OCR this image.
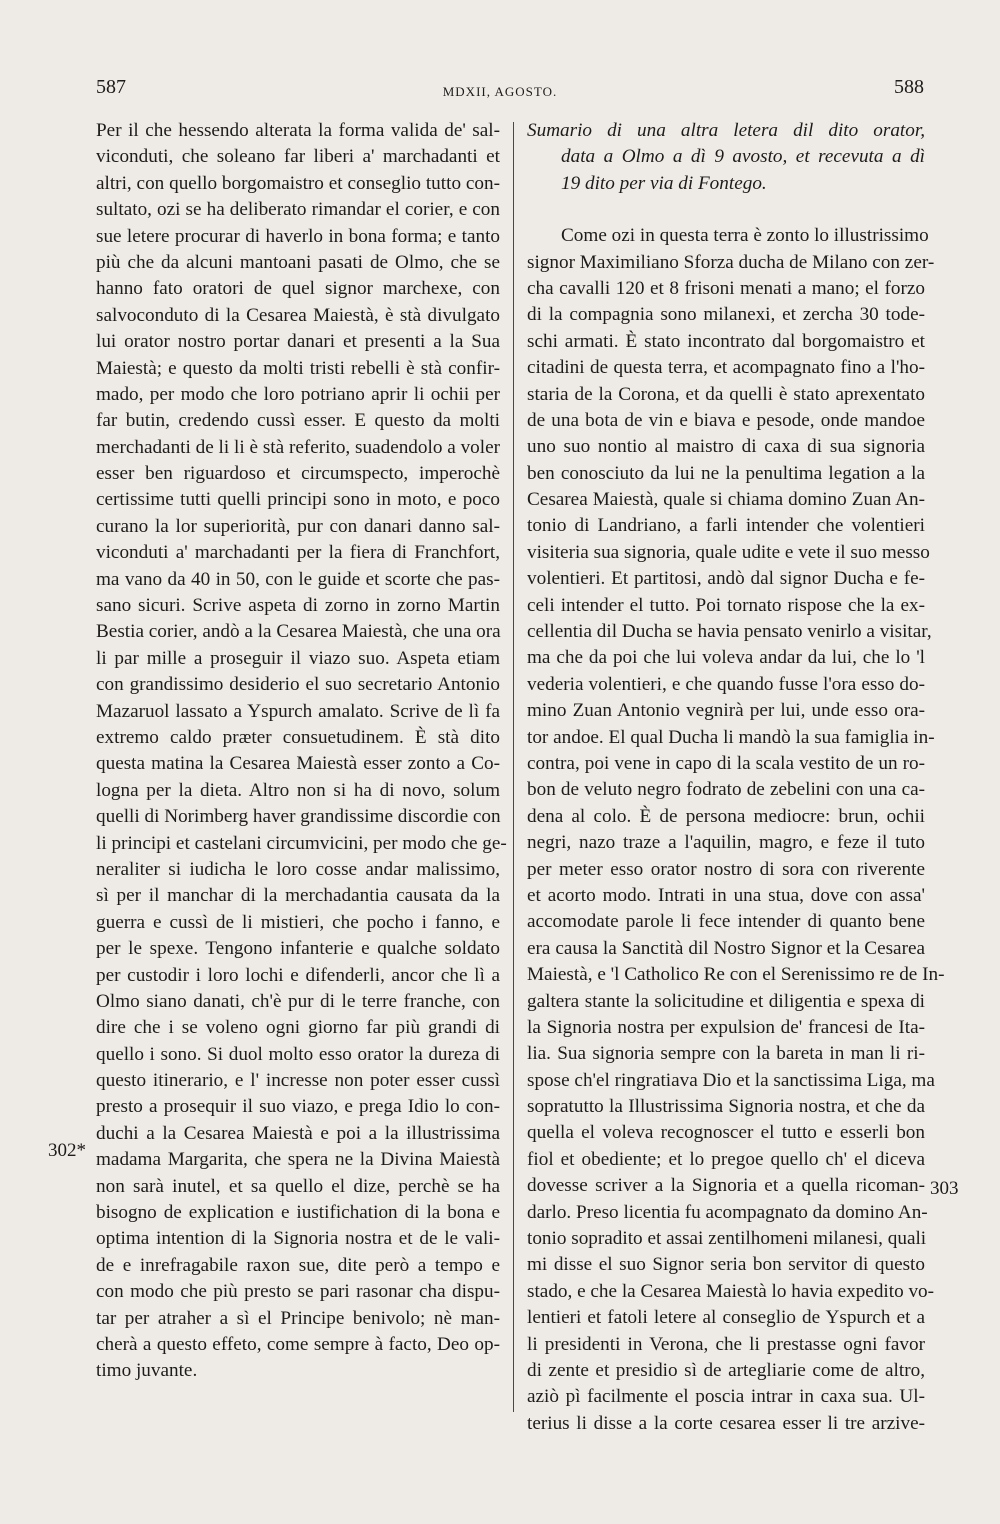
587	MDXII, AGOSTO.	588
Per il che hessendo alterata la forma valida de' sal-
viconduti, che soleano far liberi a' marchadanti et
altri, con quello borgomaistro et conseglio tutto con-
sultato, ozi se ha deliberato rimandar el corier, e con
sue letere procurar di haverlo in bona forma; e tanto
più che da alcuni mantoani pasati de Olmo, che se
hanno fato oratori de quel signor marchexe, con
salvoconduto di la Cesarea Maiestà, è stà divulgato
lui orator nostro portar danari et presenti a la Sua
Maiestà; e questo da molti tristi rebelli è stà confir-
mado, per modo che loro potriano aprir li ochii per
far butin, credendo cussì esser. E questo da molti
merchadanti de li li è stà referito, suadendolo a voler
esser ben riguardoso et circumspecto, imperochè
certissime tutti quelli principi sono in moto, e poco
curano la lor superiorità, pur con danari danno sal-
viconduti a' marchadanti per la fiera di Franchfort,
ma vano da 40 in 50, con le guide et scorte che pas-
sano sicuri. Scrive aspeta di zorno in zorno Martin
Bestia corier, andò a la Cesarea Maiestà, che una ora
li par mille a proseguir il viazo suo. Aspeta etiam
con grandissimo desiderio el suo secretario Antonio
Mazaruol lassato a Yspurch amalato. Scrive de lì fa
extremo caldo præter consuetudinem. È stà dito
questa matina la Cesarea Maiestà esser zonto a Co-
logna per la dieta. Altro non si ha di novo, solum
quelli di Norimberg haver grandissime discordie con
li principi et castelani circumvicini, per modo che ge-
neraliter si iudicha le loro cosse andar malissimo,
sì per il manchar di la merchadantia causata da la
guerra e cussì de li mistieri, che pocho i fanno, e
per le spexe. Tengono infanterie e qualche soldato
per custodir i loro lochi e difenderli, ancor che lì a
Olmo siano danati, ch'è pur di le terre franche, con
dire che i se voleno ogni giorno far più grandi di
quello i sono. Si duol molto esso orator la dureza di
questo itinerario, e l' incresse non poter esser cussì
presto a prosequir il suo viazo, e prega Idio lo con-
duchi a la Cesarea Maiestà e poi a la illustrissima
madama Margarita, che spera ne la Divina Maiestà
non sarà inutel, et sa quello el dize, perchè se ha
bisogno de explication e iustifichation di la bona e
optima intention di la Signoria nostra et de le vali-
de e inrefragabile raxon sue, dite però a tempo e
con modo che più presto se pari rasonar cha dispu-
tar per atraher a sì el Principe benivolo; nè man-
cherà a questo effeto, come sempre à facto, Deo op-
timo juvante.
Sumario di una altra letera dil dito orator,
data a Olmo a dì 9 avosto, et recevuta a dì
19 dito per via di Fontego.
Come ozi in questa terra è zonto lo illustrissimo
signor Maximiliano Sforza ducha de Milano con zer-
cha cavalli 120 et 8 frisoni menati a mano; el forzo
di la compagnia sono milanexi, et zercha 30 tode-
schi armati. È stato incontrato dal borgomaistro et
citadini de questa terra, et acompagnato fino a l'ho-
staria de la Corona, et da quelli è stato aprexentato
de una bota de vin e biava e pesode, onde mandoe
uno suo nontio al maistro di caxa di sua signoria
ben conosciuto da lui ne la penultima legation a la
Cesarea Maiestà, quale si chiama domino Zuan An-
tonio di Landriano, a farli intender che volentieri
visiteria sua signoria, quale udite e vete il suo messo
volentieri. Et partitosi, andò dal signor Ducha e fe-
celi intender el tutto. Poi tornato rispose che la ex-
cellentia dil Ducha se havia pensato venirlo a visitar,
ma che da poi che lui voleva andar da lui, che lo 'l
vederia volentieri, e che quando fusse l'ora esso do-
mino Zuan Antonio vegnirà per lui, unde esso ora-
tor andoe. El qual Ducha li mandò la sua famiglia in-
contra, poi vene in capo di la scala vestito de un ro-
bon de veluto negro fodrato de zebelini con una ca-
dena al colo. È de persona mediocre: brun, ochii
negri, nazo traze a l'aquilin, magro, e feze il tuto
per meter esso orator nostro di sora con riverente
et acorto modo. Intrati in una stua, dove con assa'
accomodate parole li fece intender di quanto bene
era causa la Sanctità dil Nostro Signor et la Cesarea
Maiestà, e 'l Catholico Re con el Serenissimo re de In-
galtera stante la solicitudine et diligentia e spexa di
la Signoria nostra per expulsion de' francesi de Ita-
lia. Sua signoria sempre con la bareta in man li ri-
spose ch'el ringratiava Dio et la sanctissima Liga, ma
sopratutto la Illustrissima Signoria nostra, et che da
quella el voleva recognoscer el tutto e esserli bon
fiol et obediente; et lo pregoe quello ch' el diceva
dovesse scriver a la Signoria et a quella ricoman-
darlo. Preso licentia fu acompagnato da domino An-
tonio sopradito et assai zentilhomeni milanesi, quali
mi disse el suo Signor seria bon servitor di questo
stado, e che la Cesarea Maiestà lo havia expedito vo-
lentieri et fatoli letere al conseglio de Yspurch et a
li presidenti in Verona, che li prestasse ogni favor
di zente et presidio sì de artegliarie come de altro,
aziò pì facilmente el poscia intrar in caxa sua. Ul-
terius li disse a la corte cesarea esser li tre arzive-
302*
303
